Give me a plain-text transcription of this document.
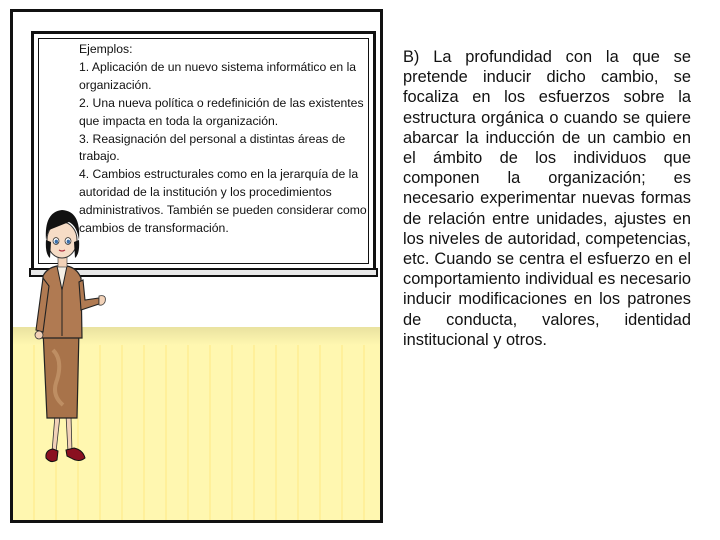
Ejemplos:
1. Aplicación de un nuevo sistema informático en la organización.
2. Una nueva política o redefinición de las existentes que impacta en toda la organización.
3. Reasignación del personal a distintas áreas de trabajo.
4. Cambios estructurales como en la jerarquía de la autoridad de la institución y los procedimientos administrativos. También se pueden considerar como cambios de transformación.
B) La profundidad con la que se pretende inducir dicho cambio, se focaliza en los esfuerzos sobre la estructura orgánica o cuando se quiere abarcar la inducción de un cambio en el ámbito de los individuos que componen la organización; es necesario experimentar nuevas formas de relación entre unidades, ajustes en los niveles de autoridad, competencias, etc. Cuando se centra el esfuerzo en el comportamiento individual es necesario inducir modificaciones en los patrones de conducta, valores, identidad institucional y otros.
